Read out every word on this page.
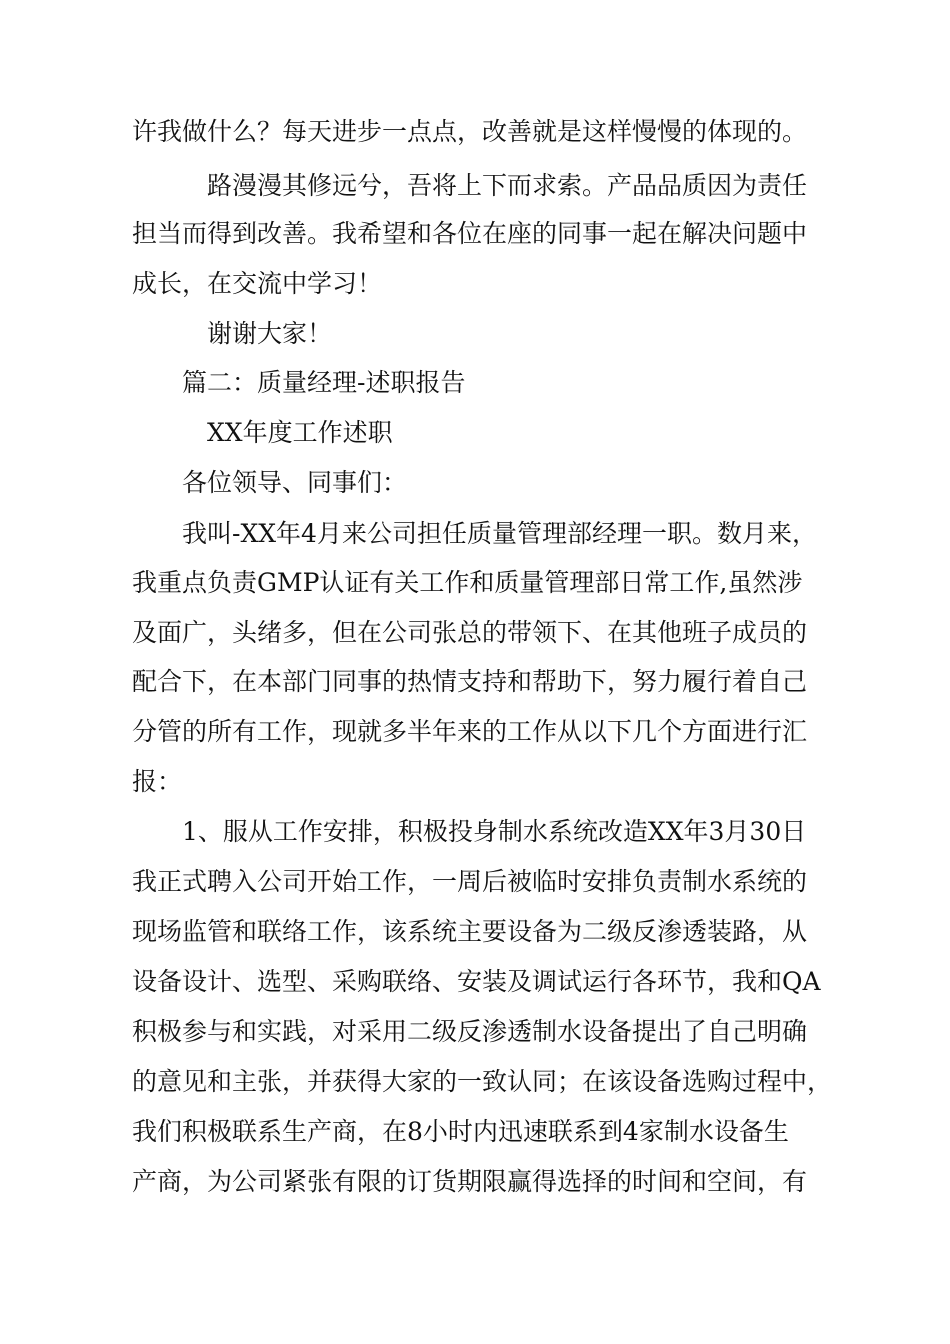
许我做什么？每天进步一点点，改善就是这样慢慢的体现的。
路漫漫其修远兮，吾将上下而求索。产品品质因为责任
担当而得到改善。我希望和各位在座的同事一起在解决问题中
成长，在交流中学习！
谢谢大家！
篇二：质量经理-述职报告
XX年度工作述职
各位领导、同事们：
我叫-XX年4月来公司担任质量管理部经理一职。数月来，
我重点负责GMP认证有关工作和质量管理部日常工作,虽然涉
及面广，头绪多，但在公司张总的带领下、在其他班子成员的
配合下，在本部门同事的热情支持和帮助下，努力履行着自己
分管的所有工作，现就多半年来的工作从以下几个方面进行汇
报：
1、服从工作安排，积极投身制水系统改造XX年3月30日
我正式聘入公司开始工作，一周后被临时安排负责制水系统的
现场监管和联络工作，该系统主要设备为二级反渗透装路，从
设备设计、选型、采购联络、安装及调试运行各环节，我和QA
积极参与和实践，对采用二级反渗透制水设备提出了自己明确
的意见和主张，并获得大家的一致认同；在该设备选购过程中，
我们积极联系生产商，在8小时内迅速联系到4家制水设备生
产商，为公司紧张有限的订货期限赢得选择的时间和空间，有
